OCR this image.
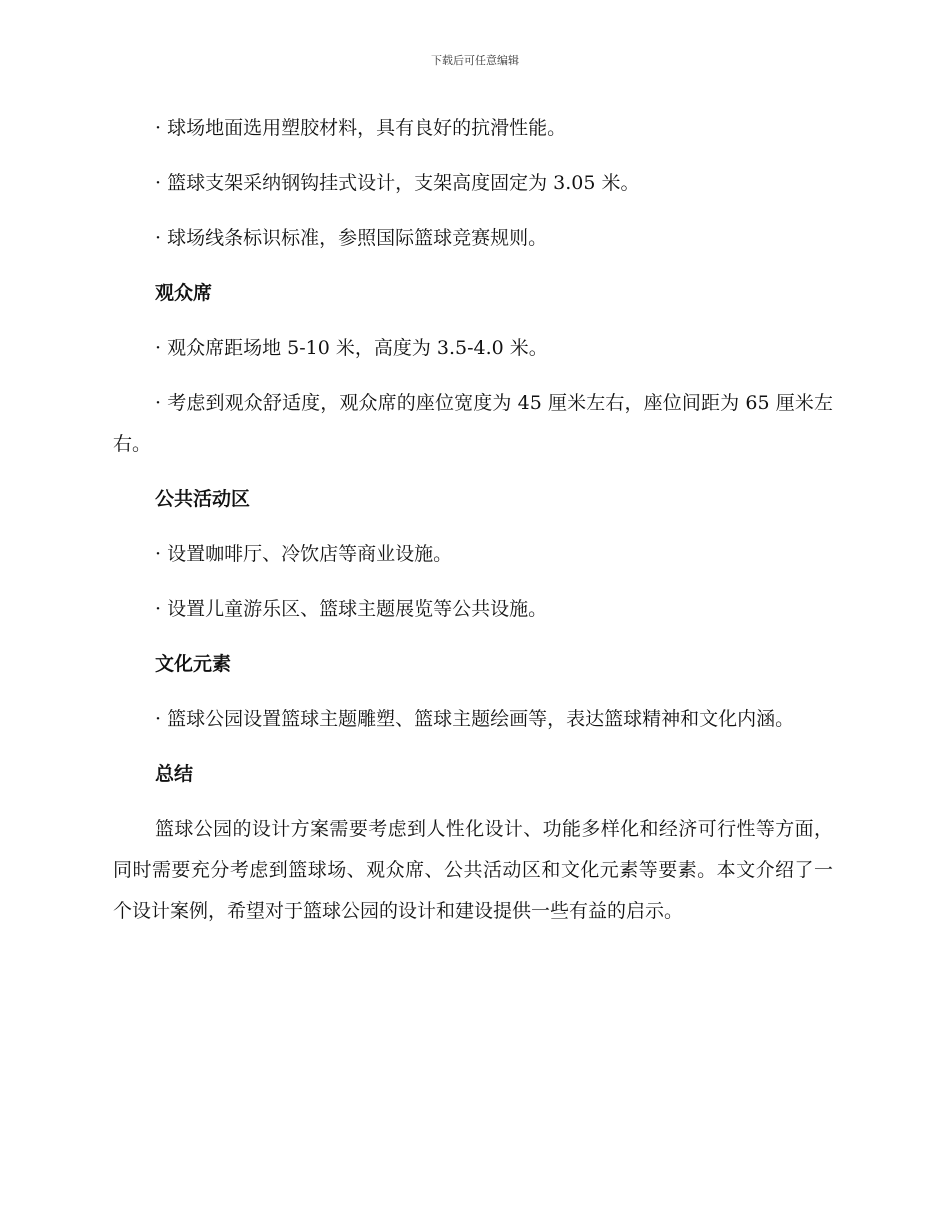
下载后可任意编辑

· 球场地面选用塑胶材料，具有良好的抗滑性能。

· 篮球支架采纳钢钩挂式设计，支架高度固定为 3.05 米。

· 球场线条标识标准，参照国际篮球竞赛规则。

观众席

· 观众席距场地 5-10 米，高度为 3.5-4.0 米。

· 考虑到观众舒适度，观众席的座位宽度为 45 厘米左右，座位间距为 65 厘米左右。

公共活动区

· 设置咖啡厅、冷饮店等商业设施。

· 设置儿童游乐区、篮球主题展览等公共设施。

文化元素

· 篮球公园设置篮球主题雕塑、篮球主题绘画等，表达篮球精神和文化内涵。

总结

篮球公园的设计方案需要考虑到人性化设计、功能多样化和经济可行性等方面，同时需要充分考虑到篮球场、观众席、公共活动区和文化元素等要素。本文介绍了一个设计案例，希望对于篮球公园的设计和建设提供一些有益的启示。
